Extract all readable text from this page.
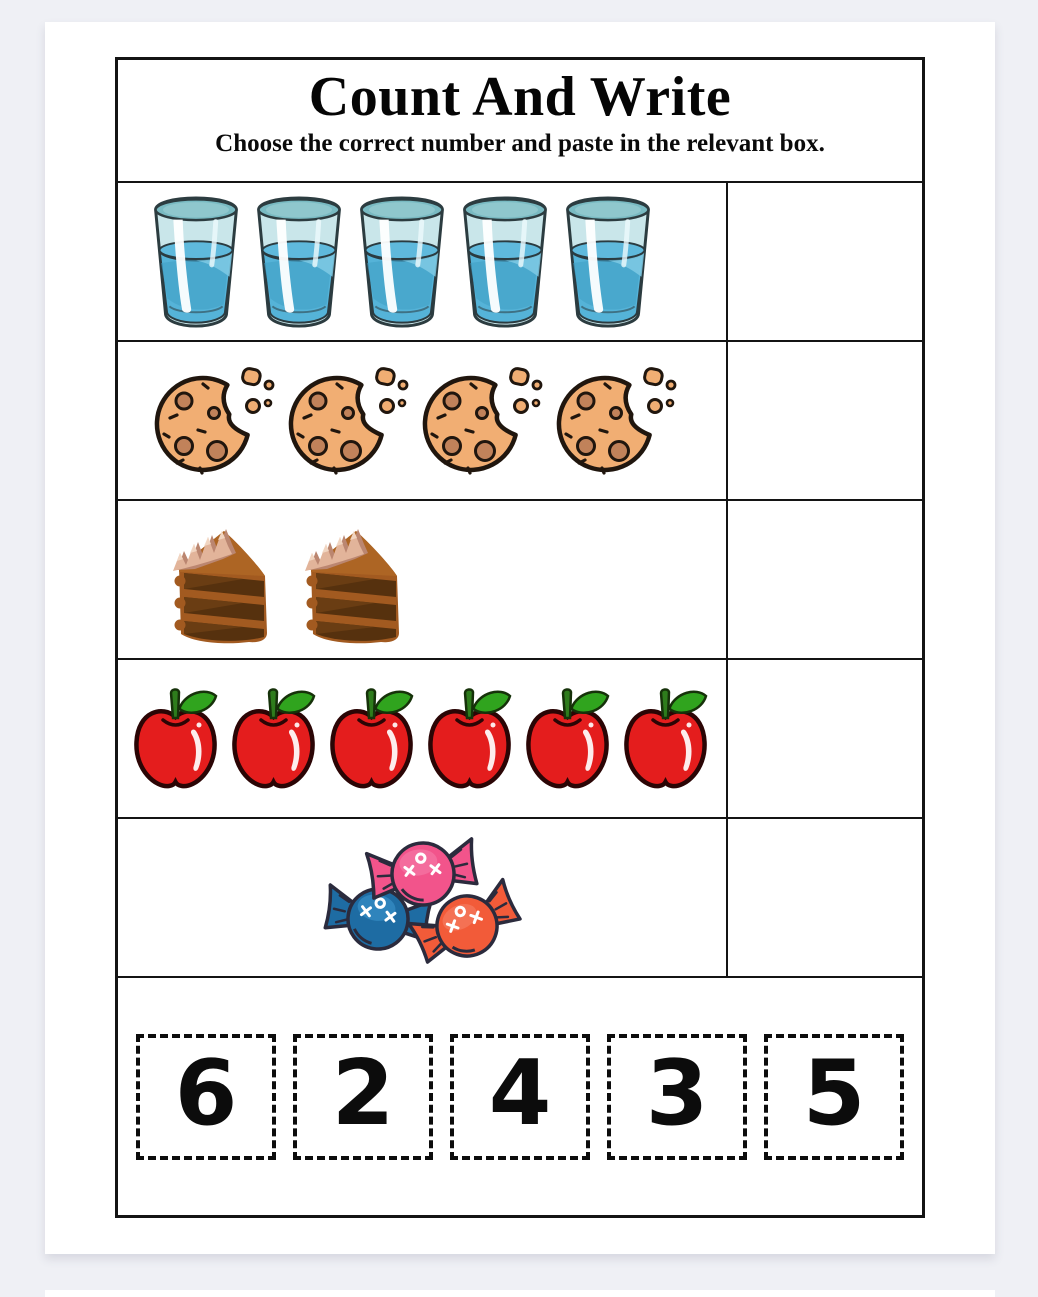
Count And Write
Choose the correct number and paste in the relevant box.
6 2 4 3 5
